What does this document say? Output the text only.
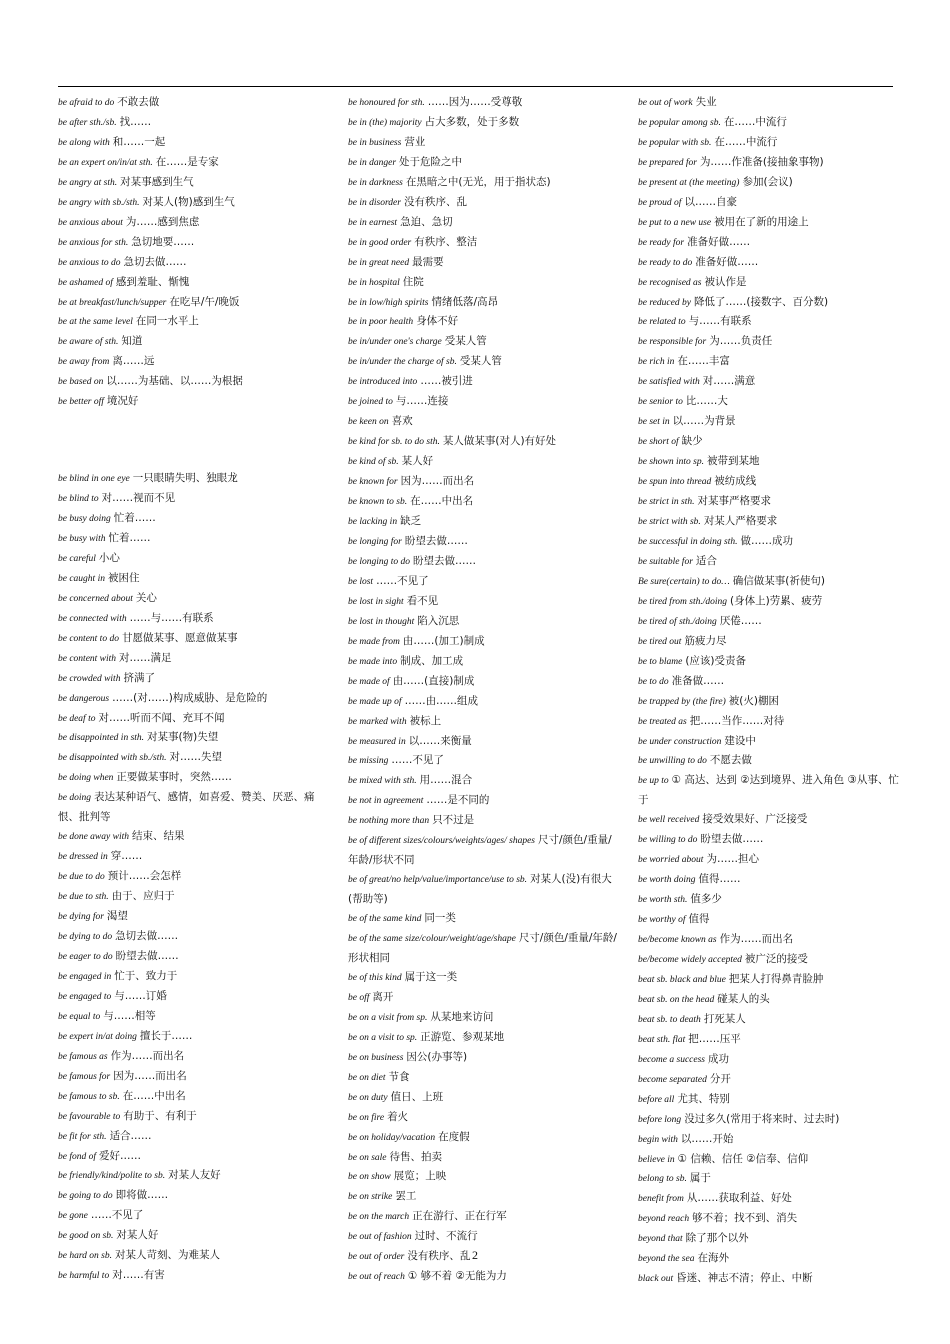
be afraid to do 不敢去做
be after sth./sb. 找……
be along with 和……一起
be an expert on/in/at sth. 在……是专家
be angry at sth. 对某事感到生气
be angry with sb./sth. 对某人(物)感到生气
be anxious about 为……感到焦虑
be anxious for sth. 急切地要……
be anxious to do 急切去做……
be ashamed of 感到羞耻、惭愧
be at breakfast/lunch/supper 在吃早/午/晚饭
be at the same level 在同一水平上
be aware of sth. 知道
be away from 离……远
be based on 以……为基础、以……为根据
be better off 境况好
be blind in one eye 一只眼睛失明、独眼龙
be blind to 对……视而不见
be busy doing 忙着……
be busy with 忙着……
be careful 小心
be caught in 被困住
be concerned about 关心
be connected with ……与……有联系
be content to do 甘愿做某事、愿意做某事
be content with 对……满足
be crowded with 挤满了
be dangerous ……(对……)构成威胁、是危险的
be deaf to 对……听而不闻、充耳不闻
be disappointed in sth. 对某事(物)失望
be disappointed with sb./sth. 对……失望
be doing when 正要做某事时，突然……
be doing 表达某种语气、感情，如喜爱、赞美、厌恶、痛恨、批判等
be done away with 结束、结果
be dressed in 穿……
be due to do 预计……会怎样
be due to sth. 由于、应归于
be dying for 渴望
be dying to do 急切去做……
be eager to do 盼望去做……
be engaged in 忙于、致力于
be engaged to 与……订婚
be equal to 与……相等
be expert in/at doing 擅长于……
be famous as 作为……而出名
be famous for 因为……而出名
be famous to sb. 在……中出名
be favourable to 有助于、有利于
be fit for sth. 适合……
be fond of 爱好……
be friendly/kind/polite to sb. 对某人友好
be going to do 即将做……
be gone ……不见了
be good on sb. 对某人好
be hard on sb. 对某人苛刻、为难某人
be harmful to 对……有害
be honoured for sth. ……因为……受尊敬
be in (the) majority 占大多数，处于多数
be in business 营业
be in danger 处于危险之中
be in darkness 在黑暗之中(无光，用于指状态)
be in disorder 没有秩序、乱
be in earnest 急迫、急切
be in good order 有秩序、整洁
be in great need 最需要
be in hospital 住院
be in low/high spirits 情绪低落/高昂
be in poor health 身体不好
be in/under one's charge 受某人管
be in/under the charge of sb. 受某人管
be introduced into ……被引进
be joined to 与……连接
be keen on 喜欢
be kind for sb. to do sth. 某人做某事(对人)有好处
be kind of sb. 某人好
be known for 因为……而出名
be known to sb. 在……中出名
be lacking in 缺乏
be longing for 盼望去做……
be longing to do 盼望去做……
be lost ……不见了
be lost in sight 看不见
be lost in thought 陷入沉思
be made from 由……(加工)制成
be made into 制成、加工成
be made of 由……(直接)制成
be made up of ……由……组成
be marked with 被标上
be measured in 以……来衡量
be missing ……不见了
be mixed with sth. 用……混合
be not in agreement ……是不同的
be nothing more than 只不过是
be of different sizes/colours/weights/ages/ shapes 尺寸/颜色/重量/年龄/形状不同
be of great/no help/value/importance/use to sb. 对某人(没)有很大(帮助等)
be of the same kind 同一类
be of the same size/colour/weight/age/shape 尺寸/颜色/重量/年龄/形状相同
be of this kind 属于这一类
be off 离开
be on a visit from sp. 从某地来访问
be on a visit to sp. 正游览、参观某地
be on business 因公(办事等)
be on diet 节食
be on duty 值日、上班
be on fire 着火
be on holiday/vacation 在度假
be on sale 待售、拍卖
be on show 展览；上映
be on strike 罢工
be on the march 正在游行、正在行军
be out of fashion 过时、不流行
be out of order 没有秩序、乱
be out of reach ① 够不着 ②无能为力
be out of work 失业
be popular among sb. 在……中流行
be popular with sb. 在……中流行
be prepared for 为……作准备(接抽象事物)
be present at (the meeting) 参加(会议)
be proud of 以……自豪
be put to a new use 被用在了新的用途上
be ready for 准备好做……
be ready to do 准备好做……
be recognised as 被认作是
be reduced by 降低了……(接数字、百分数)
be related to 与……有联系
be responsible for 为……负责任
be rich in 在……丰富
be satisfied with 对……满意
be senior to 比……大
be set in 以……为背景
be short of 缺少
be shown into sp. 被带到某地
be spun into thread 被纺成线
be strict in sth. 对某事严格要求
be strict with sb. 对某人严格要求
be successful in doing sth. 做……成功
be suitable for 适合
Be sure(certain) to do… 确信做某事(祈使句)
be tired from sth./doing (身体上)劳累、疲劳
be tired of sth./doing 厌倦……
be tired out 筋疲力尽
be to blame (应该)受责备
be to do 准备做……
be trapped by (the fire) 被(火)棚困
be treated as 把……当作……对待
be under construction 建设中
be unwilling to do 不愿去做
be up to ① 高达、达到 ②达到境界、进入角色 ③从事、忙于
be well received 接受效果好、广泛接受
be willing to do 盼望去做……
be worried about 为……担心
be worth doing 值得……
be worth sth. 值多少
be worthy of 值得
be/become known as 作为……而出名
be/become widely accepted 被广泛的接受
beat sb. black and blue 把某人打得鼻青脸肿
beat sb. on the head 碰某人的头
beat sb. to death 打死某人
beat sth. flat 把……压平
become a success 成功
become separated 分开
before all 尤其、特别
before long 没过多久(常用于将来时、过去时)
begin with 以……开始
believe in ① 信赖、信任 ②信奉、信仰
belong to sb. 属于
benefit from 从……获取利益、好处
beyond reach 够不着；找不到、消失
beyond that 除了那个以外
beyond the sea 在海外
black out 昏迷、神志不清；停止、中断
2
